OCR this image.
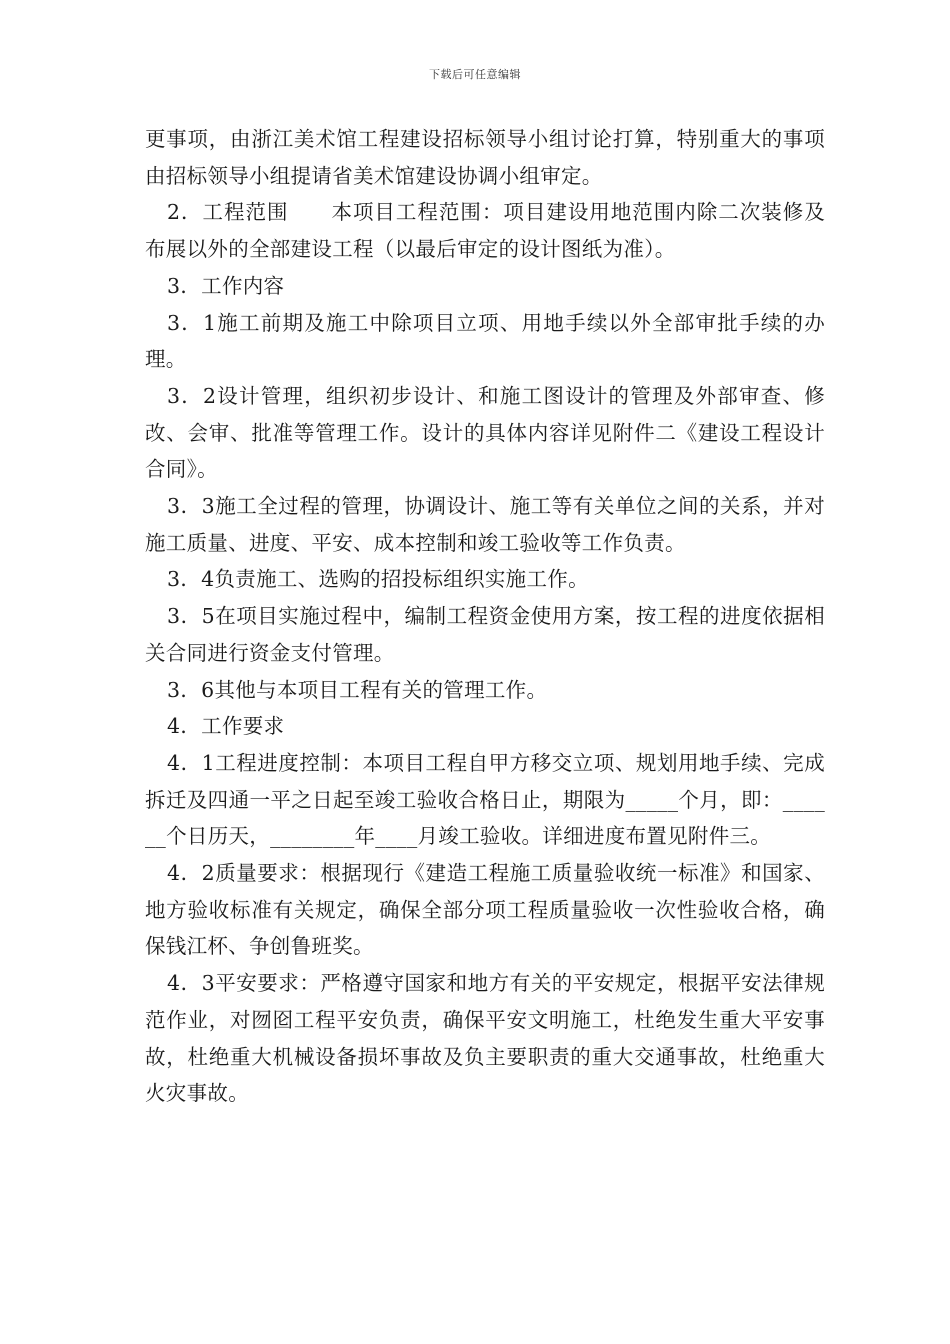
下载后可任意编辑

更事项，由浙江美术馆工程建设招标领导小组讨论打算，特别重大的事项由招标领导小组提请省美术馆建设协调小组审定。

2．工程范围　　本项目工程范围：项目建设用地范围内除二次装修及布展以外的全部建设工程（以最后审定的设计图纸为准）。

3．工作内容

3．1施工前期及施工中除项目立项、用地手续以外全部审批手续的办理。

3．2设计管理，组织初步设计、和施工图设计的管理及外部审查、修改、会审、批准等管理工作。设计的具体内容详见附件二《建设工程设计合同》。

3．3施工全过程的管理，协调设计、施工等有关单位之间的关系，并对施工质量、进度、平安、成本控制和竣工验收等工作负责。

3．4负责施工、选购的招投标组织实施工作。

3．5在项目实施过程中，编制工程资金使用方案，按工程的进度依据相关合同进行资金支付管理。

3．6其他与本项目工程有关的管理工作。

4．工作要求

4．1工程进度控制：本项目工程自甲方移交立项、规划用地手续、完成拆迁及四通一平之日起至竣工验收合格日止，期限为_____个月，即：______个日历天，________年____月竣工验收。详细进度布置见附件三。

4．2质量要求：根据现行《建造工程施工质量验收统一标准》和国家、地方验收标准有关规定，确保全部分项工程质量验收一次性验收合格，确保钱江杯、争创鲁班奖。

4．3平安要求：严格遵守国家和地方有关的平安规定，根据平安法律规范作业，对囫囵工程平安负责，确保平安文明施工，杜绝发生重大平安事故，杜绝重大机械设备损坏事故及负主要职责的重大交通事故，杜绝重大火灾事故。
